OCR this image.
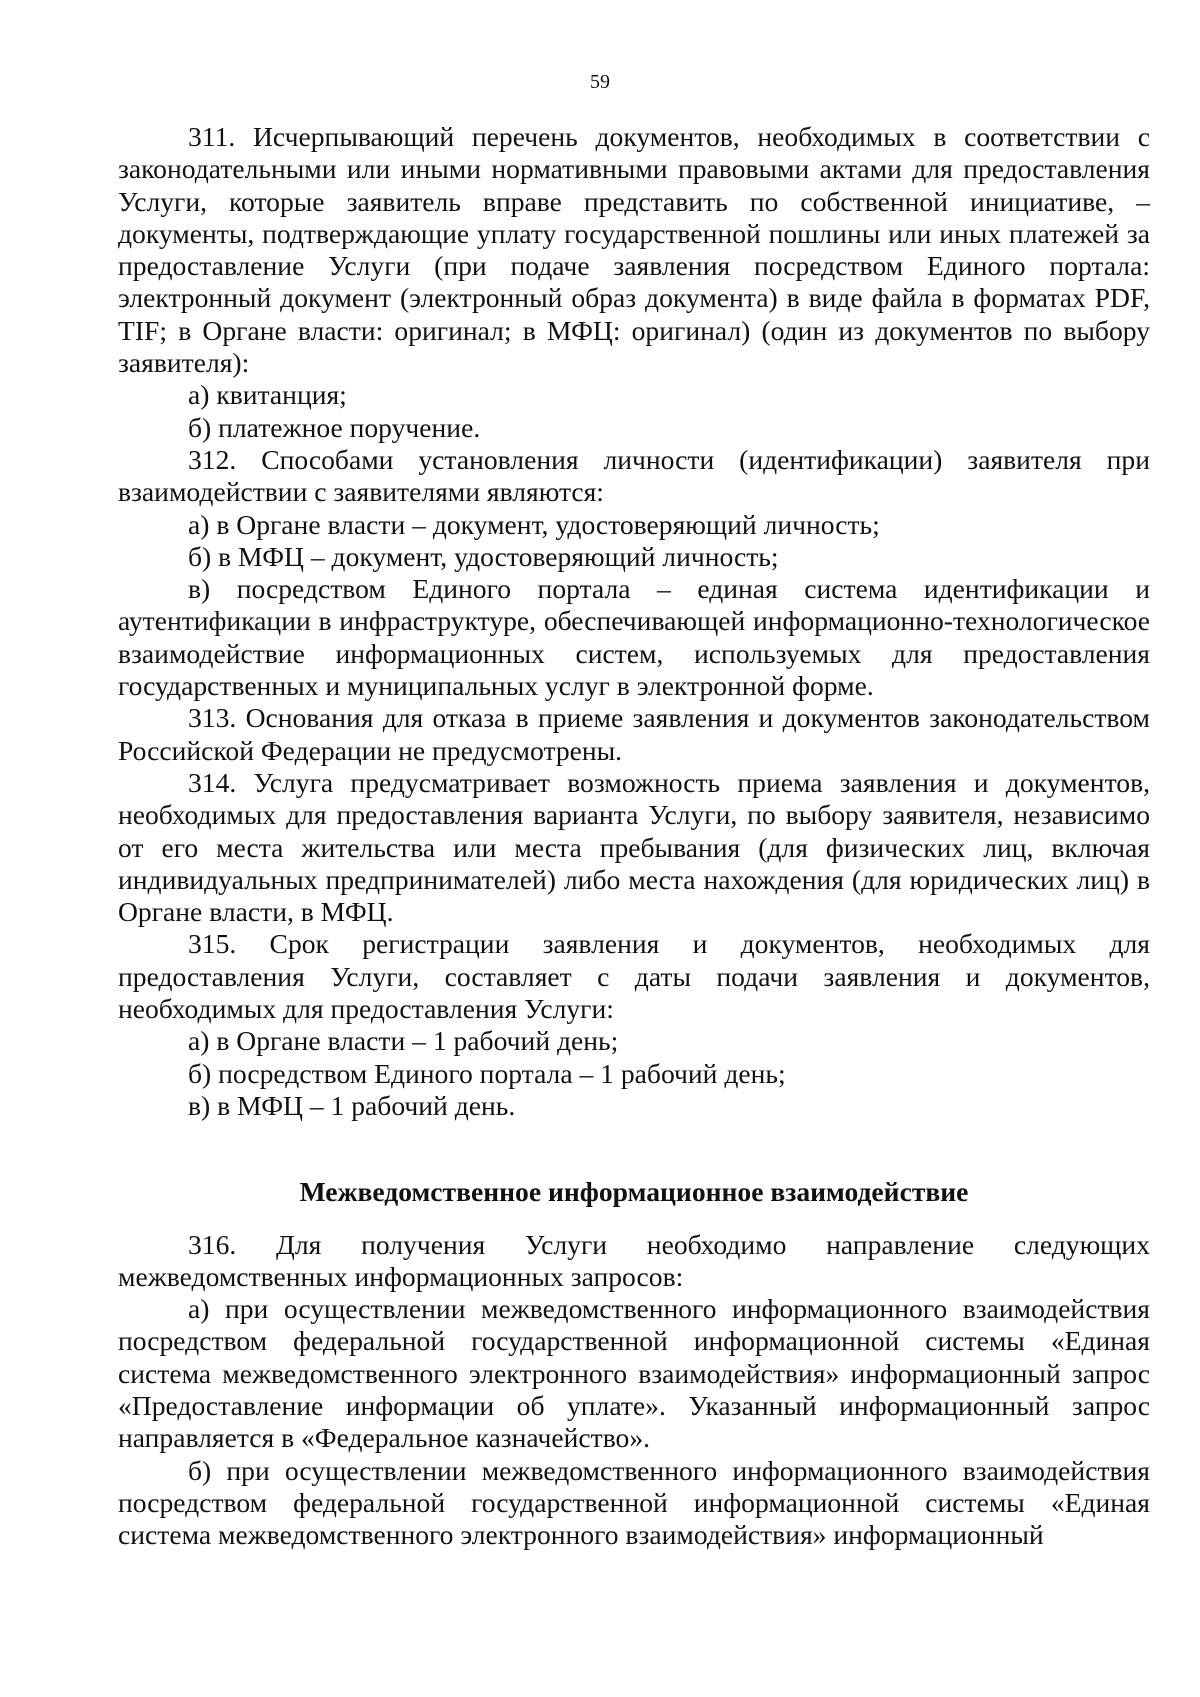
59

311. Исчерпывающий перечень документов, необходимых в соответствии с законодательными или иными нормативными правовыми актами для предоставления Услуги, которые заявитель вправе представить по собственной инициативе, – документы, подтверждающие уплату государственной пошлины или иных платежей за предоставление Услуги (при подаче заявления посредством Единого портала: электронный документ (электронный образ документа) в виде файла в форматах PDF, TIF; в Органе власти: оригинал; в МФЦ: оригинал) (один из документов по выбору заявителя):

а) квитанция;

б) платежное поручение.

312. Способами установления личности (идентификации) заявителя при взаимодействии с заявителями являются:

а) в Органе власти – документ, удостоверяющий личность;

б) в МФЦ – документ, удостоверяющий личность;

в) посредством Единого портала – единая система идентификации и аутентификации в инфраструктуре, обеспечивающей информационно-технологическое взаимодействие информационных систем, используемых для предоставления государственных и муниципальных услуг в электронной форме.

313. Основания для отказа в приеме заявления и документов законодательством Российской Федерации не предусмотрены.

314. Услуга предусматривает возможность приема заявления и документов, необходимых для предоставления варианта Услуги, по выбору заявителя, независимо от его места жительства или места пребывания (для физических лиц, включая индивидуальных предпринимателей) либо места нахождения (для юридических лиц) в Органе власти, в МФЦ.

315. Срок регистрации заявления и документов, необходимых для предоставления Услуги, составляет с даты подачи заявления и документов, необходимых для предоставления Услуги:

а) в Органе власти – 1 рабочий день;

б) посредством Единого портала – 1 рабочий день;

в) в МФЦ – 1 рабочий день.

Межведомственное информационное взаимодействие

316. Для получения Услуги необходимо направление следующих межведомственных информационных запросов:

а) при осуществлении межведомственного информационного взаимодействия посредством федеральной государственной информационной системы «Единая система межведомственного электронного взаимодействия» информационный запрос «Предоставление информации об уплате». Указанный информационный запрос направляется в «Федеральное казначейство».

б) при осуществлении межведомственного информационного взаимодействия посредством федеральной государственной информационной системы «Единая система межведомственного электронного взаимодействия» информационный
